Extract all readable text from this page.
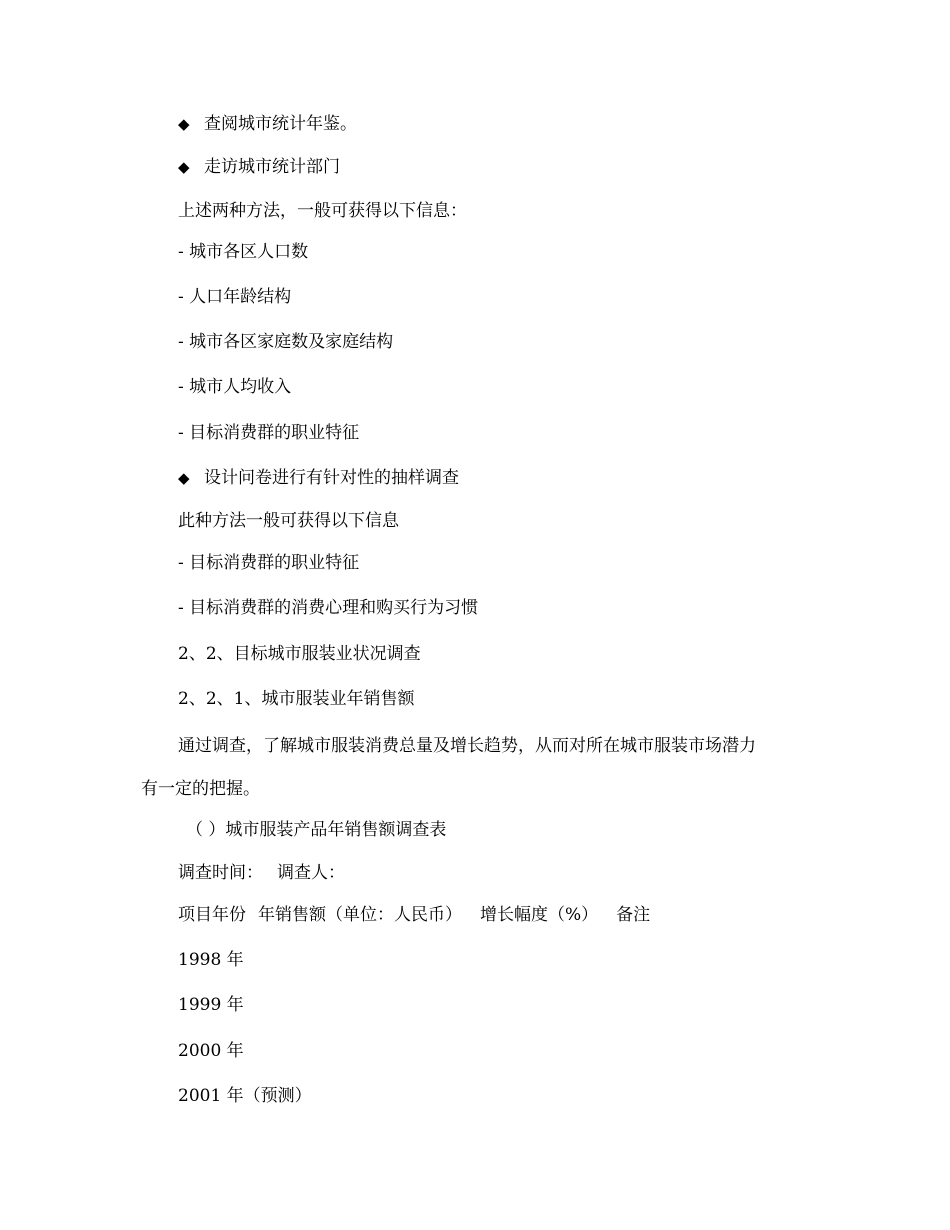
◆ 查阅城市统计年鉴。
◆ 走访城市统计部门
上述两种方法，一般可获得以下信息：
- 城市各区人口数
- 人口年龄结构
- 城市各区家庭数及家庭结构
- 城市人均收入
- 目标消费群的职业特征
◆ 设计问卷进行有针对性的抽样调查
此种方法一般可获得以下信息
- 目标消费群的职业特征
- 目标消费群的消费心理和购买行为习惯
2、2、目标城市服装业状况调查
2、2、1、城市服装业年销售额
通过调查，了解城市服装消费总量及增长趋势，从而对所在城市服装市场潜力
有一定的把握。
（ ）城市服装产品年销售额调查表
调查时间： 调查人：
项目年份 年销售额（单位：人民币） 增长幅度（%） 备注
1998 年
1999 年
2000 年
2001 年（预测）
